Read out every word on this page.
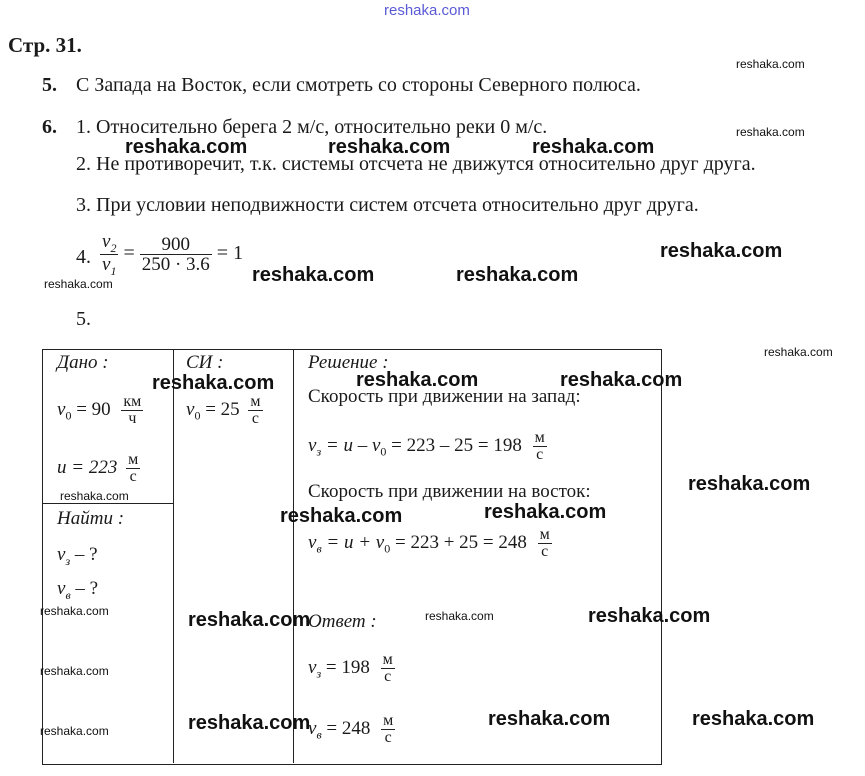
reshaka.com
Стр. 31.
5. С Запада на Восток, если смотреть со стороны Северного полюса.
6. 1. Относительно берега 2 м/с, относительно реки 0 м/с.
2. Не противоречит, т.к. системы отсчета не движутся относительно друг друга.
3. При условии неподвижности систем отсчета относительно друг друга.
4. $\frac{v_2}{v_1} = \frac{900}{250 \cdot 3.6} = 1$
5.
Дано :
$v_0 = 90 \frac{км}{ч}$
$u = 223 \frac{м}{с}$
Найти :
$v_з$ – ?
$v_в$ – ?
СИ :
$v_0 = 25 \frac{м}{с}$
Решение :
Скорость при движении на запад:
$v_з = u - v_0 = 223 - 25 = 198 \frac{м}{с}$
Скорость при движении на восток:
$v_в = u + v_0 = 223 + 25 = 248 \frac{м}{с}$
Ответ :
$v_з = 198 \frac{м}{с}$
$v_в = 248 \frac{м}{с}$
reshaka.com
reshaka.com
reshaka.com
reshaka.com
reshaka.com
reshaka.com	reshaka.com
reshaka.com
reshaka.com
reshaka.com	reshaka.com	reshaka.com
reshaka.com
reshaka.com	reshaka.com
reshaka.com	reshaka.com	reshaka.com
reshaka.com
reshaka.com	reshaka.com
reshaka.com	reshaka.com
reshaka.com	reshaka.com	reshaka.com
